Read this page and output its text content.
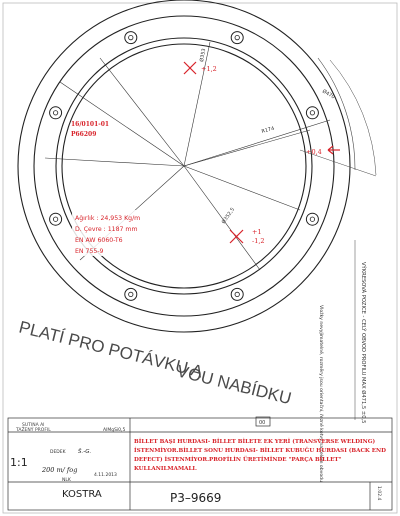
Ø353
Ø470
R174
Ø352,5
+1,2
+0,4
+1
-1,2
16/0101-01
P66209
Ağırlık : 24,953 Kg/m
D. Çevre : 1187 mm
EN AW 6060-T6
EN 755-9
VÝKRESOVÁ POZICE - CELÝ OBVOD PROFILU MAX Ø471,5 ±0,5
Vložky nevyjímatelné, rozměry jsou orientační, řezné kotvy na celém obvodu
PLATÍ PRO POTÁVKU A
VOU NABÍDKU
00
SUTINA AI
TAŽENÝ PROFIL	AlMgSi0,5
1:1
DEDEK Š.-G.
200 m/ fog
4.11.2013
NLK
KOSTRA	P3–9669	1:02.4
BİLLET BAŞI HURDASI- BİLLET BİLETE EK YERİ (TRANSVERSE WELDING)
İSTENMİYOR.BİLLET SONU HURDASI- BİLLET KUBUĞU HURDASI (BACK END
DEFECT) İSTENMİYOR.PROFİLİN ÜRETİMİNDE "PARÇA BİLLET"
KULLANILMAMALI.
